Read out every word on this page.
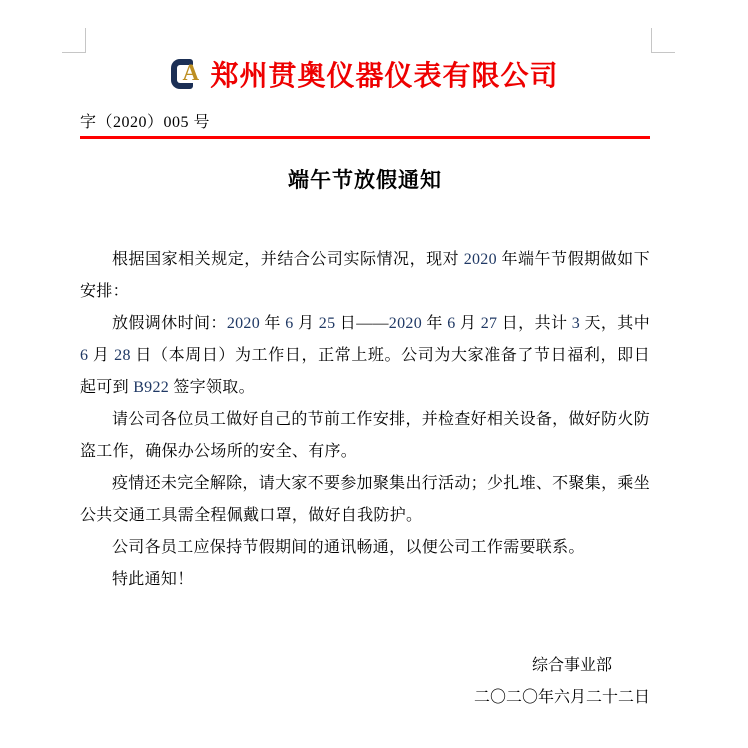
A 郑州贯奥仪器仪表有限公司
字（2020）005 号
端午节放假通知

根据国家相关规定，并结合公司实际情况，现对 2020 年端午节假期做如下安排：

放假调休时间：2020 年 6 月 25 日——2020 年 6 月 27 日，共计 3 天，其中 6 月 28 日（本周日）为工作日，正常上班。公司为大家准备了节日福利，即日起可到 B922 签字领取。

请公司各位员工做好自己的节前工作安排，并检查好相关设备，做好防火防盗工作，确保办公场所的安全、有序。

疫情还未完全解除，请大家不要参加聚集出行活动；少扎堆、不聚集，乘坐公共交通工具需全程佩戴口罩，做好自我防护。

公司各员工应保持节假期间的通讯畅通，以便公司工作需要联系。

特此通知！

综合事业部
二〇二〇年六月二十二日
